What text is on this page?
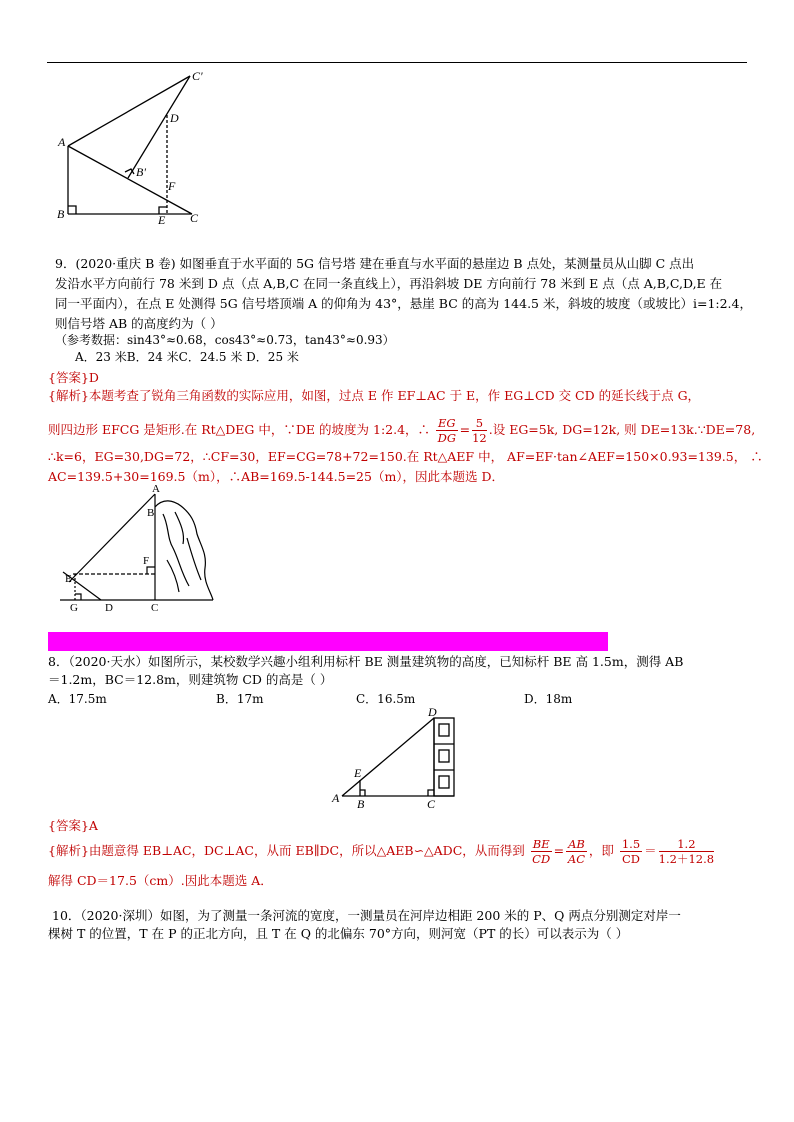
C'
D
A
B'
F
B	E C
9．(2020·重庆 B 卷) 如图垂直于水平面的 5G 信号塔 建在垂直与水平面的悬崖边 B 点处，某测量员从山脚 C 点出
发沿水平方向前行 78 米到 D 点（点 A,B,C 在同一条直线上），再沿斜坡 DE 方向前行 78 米到 E 点（点 A,B,C,D,E 在
同一平面内），在点 E 处测得 5G 信号塔顶端 A 的仰角为 43°，悬崖 BC 的高为 144.5 米，斜坡的坡度（或坡比）i=1:2.4，
则信号塔 AB 的高度约为（ ）
（参考数据：sin43°≈0.68，cos43°≈0.73，tan43°≈0.93）
A．23 米B．24 米C．24.5 米 D．25 米
{答案}D
{解析}本题考查了锐角三角函数的实际应用，如图，过点 E 作 EF⊥AC 于 E，作 EG⊥CD 交 CD 的延长线于点 G，
则四边形 EFCG 是矩形.在 Rt△DEG 中，∵DE 的坡度为 1:2.4，∴ $\frac{EG}{DG} = \frac{5}{12}$ .设 EG=5k, DG=12k, 则 DE=13k.∵DE=78,
∴k=6，EG=30,DG=72，∴CF=30，EF=CG=78+72=150.在 Rt△AEF 中， AF=EF·tan∠AEF=150×0.93=139.5， ∴
AC=139.5+30=169.5（m），∴AB=169.5-144.5=25（m），因此本题选 D．
A
B
F
E
G D	C
8．（2020·天水）如图所示，某校数学兴趣小组利用标杆 BE 测量建筑物的高度，已知标杆 BE 高 1.5m，测得 AB
＝1.2m，BC＝12.8m，则建筑物 CD 的高是（ ）
A．17.5m	B．17m	C．16.5m	D．18m
D
E
A B	C
{答案}A
{解析}由题意得 EB⊥AC，DC⊥AC，从而 EB∥DC，所以△AEB∽△ADC，从而得到 $\frac{BE}{CD} = \frac{AB}{AC}$ ，即 $\frac{1.5}{CD} = \frac{1.2}{1.2+12.8}$
解得 CD＝17.5（cm）.因此本题选 A．
10．（2020·深圳）如图，为了测量一条河流的宽度，一测量员在河岸边相距 200 米的 P、Q 两点分别测定对岸一
棵树 T 的位置，T 在 P 的正北方向，且 T 在 Q 的北偏东 70°方向，则河宽（PT 的长）可以表示为（ ）
